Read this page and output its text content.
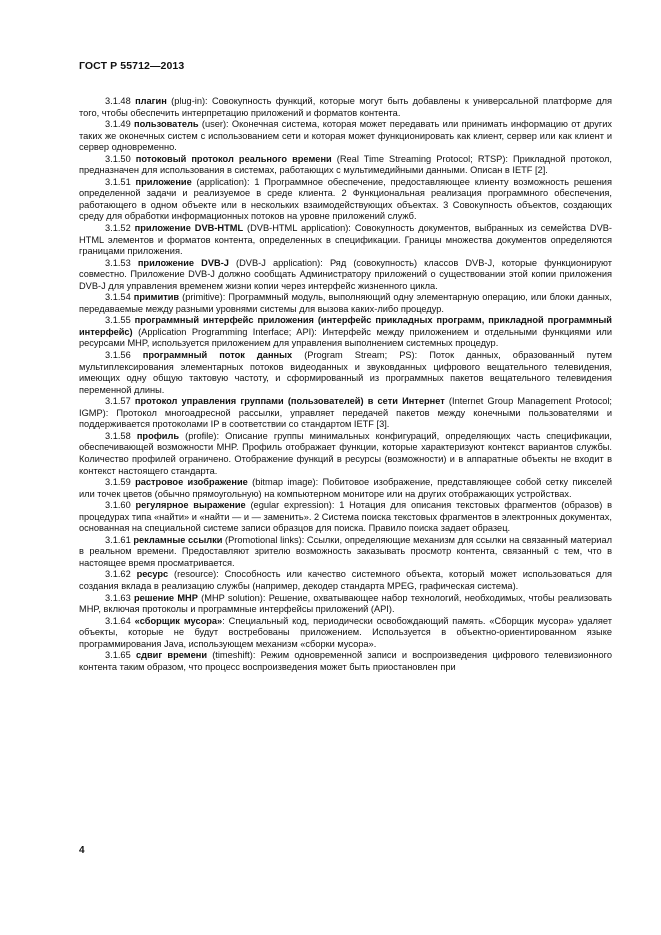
ГОСТ Р 55712—2013

3.1.48 плагин (plug-in): Совокупность функций, которые могут быть добавлены к универсальной платформе для того, чтобы обеспечить интерпретацию приложений и форматов контента.

3.1.49 пользователь (user): Оконечная система, которая может передавать или принимать информацию от других таких же оконечных систем с использованием сети и которая может функционировать как клиент, сервер или как клиент и сервер одновременно.

3.1.50 потоковый протокол реального времени (Real Time Streaming Protocol; RTSP): Прикладной протокол, предназначен для использования в системах, работающих с мультимедийными данными. Описан в IETF [2].

3.1.51 приложение (application): 1 Программное обеспечение, предоставляющее клиенту возможность решения определенной задачи и реализуемое в среде клиента. 2 Функциональная реализация программного обеспечения, работающего в одном объекте или в нескольких взаимодействующих объектах. 3 Совокупность объектов, создающих среду для обработки информационных потоков на уровне приложений служб.

3.1.52 приложение DVB-HTML (DVB-HTML application): Совокупность документов, выбранных из семейства DVB-HTML элементов и форматов контента, определенных в спецификации. Границы множества документов определяются границами приложения.

3.1.53 приложение DVB-J (DVB-J application): Ряд (совокупность) классов DVB-J, которые функционируют совместно. Приложение DVB-J должно сообщать Администратору приложений о существовании этой копии приложения DVB-J для управления временем жизни копии через интерфейс жизненного цикла.

3.1.54 примитив (primitive): Программный модуль, выполняющий одну элементарную операцию, или блоки данных, передаваемые между разными уровнями системы для вызова каких-либо процедур.

3.1.55 программный интерфейс приложения (интерфейс прикладных программ, прикладной программный интерфейс) (Application Programming Interface; API): Интерфейс между приложением и отдельными функциями или ресурсами MHP, используется приложением для управления выполнением системных процедур.

3.1.56 программный поток данных (Program Stream; PS): Поток данных, образованный путем мультиплексирования элементарных потоков видеоданных и звуковданных цифрового вещательного телевидения, имеющих одну общую тактовую частоту, и сформированный из программных пакетов вещательного телевидения переменной длины.

3.1.57 протокол управления группами (пользователей) в сети Интернет (Internet Group Management Protocol; IGMP): Протокол многоадресной рассылки, управляет передачей пакетов между конечными пользователями и поддерживается протоколами IP в соответствии со стандартом IETF [3].

3.1.58 профиль (profile): Описание группы минимальных конфигураций, определяющих часть спецификации, обеспечивающей возможности MHP. Профиль отображает функции, которые характеризуют контекст вариантов службы. Количество профилей ограничено. Отображение функций в ресурсы (возможности) и в аппаратные объекты не входит в контекст настоящего стандарта.

3.1.59 растровое изображение (bitmap image): Побитовое изображение, представляющее собой сетку пикселей или точек цветов (обычно прямоугольную) на компьютерном мониторе или на других отображающих устройствах.

3.1.60 регулярное выражение (egular expression): 1 Нотация для описания текстовых фрагментов (образов) в процедурах типа «найти» и «найти — и — заменить». 2 Система поиска текстовых фрагментов в электронных документах, основанная на специальной системе записи образцов для поиска. Правило поиска задает образец.

3.1.61 рекламные ссылки (Promotional links): Ссылки, определяющие механизм для ссылки на связанный материал в реальном времени. Предоставляют зрителю возможность заказывать просмотр контента, связанный с тем, что в настоящее время просматривается.

3.1.62 ресурс (resource): Способность или качество системного объекта, который может использоваться для создания вклада в реализацию службы (например, декодер стандарта MPEG, графическая система).

3.1.63 решение MHP (MHP solution): Решение, охватывающее набор технологий, необходимых, чтобы реализовать MHP, включая протоколы и программные интерфейсы приложений (API).

3.1.64 «сборщик мусора»: Специальный код, периодически освобождающий память. «Сборщик мусора» удаляет объекты, которые не будут востребованы приложением. Используется в объектно-ориентированном языке программирования Java, использующем механизм «сборки мусора».

3.1.65 сдвиг времени (timeshift): Режим одновременной записи и воспроизведения цифрового телевизионного контента таким образом, что процесс воспроизведения может быть приостановлен при

4
